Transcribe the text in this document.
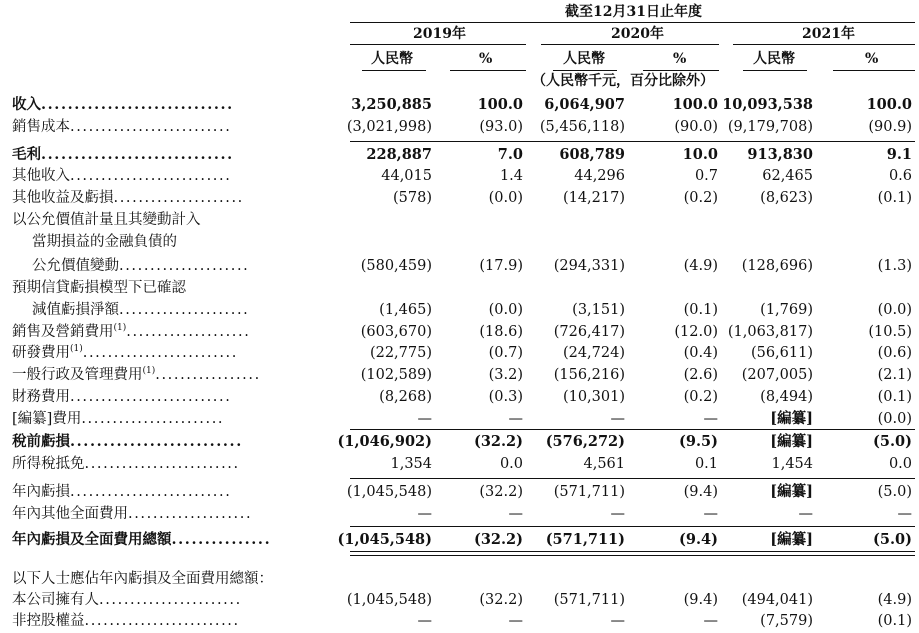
截至12月31日止年度
2019年	2020年	2021年
人民幣	%	人民幣	%	人民幣	%
（人民幣千元，百分比除外）
收入.............................	3,250,885	100.0 6,064,907	100.0 10,093,538	100.0
銷售成本..........................	(3,021,998)	(93.0) (5,456,118)	(90.0) (9,179,708)	(90.9)
毛利.............................	228,887	7.0	608,789	10.0 913,830	9.1
其他收入..........................	44,015	1.4	44,296	0.7	62,465	0.6
其他收益及虧損.....................	(578)	(0.0)	(14,217)	(0.2)	(8,623)	(0.1)
以公允價值計量且其變動計入
當期損益的金融負債的
公允價值變動.....................	(580,459)	(17.9) (294,331)	(4.9) (128,696)	(1.3)
預期信貸虧損模型下已確認
減值虧損淨額.....................	(1,465)	(0.0)	(3,151)	(0.1)	(1,769)	(0.0)
銷售及營銷費用$^{(1)}$....................	(603,670)	(18.6) (726,417)	(12.0) (1,063,817)	(10.5)
研發費用$^{(1)}$.........................	(22,775)	(0.7)	(24,724)	(0.4) (56,611)	(0.6)
一般行政及管理費用$^{(1)}$.................	(102,589)	(3.2) (156,216)	(2.6) (207,005)	(2.1)
財務費用..........................	(8,268)	(0.3)	(10,301)	(0.2)	(8,494)	(0.1)
[編纂]費用.......................	—	—	—	—	[編纂]	(0.0)
稅前虧損..........................	(1,046,902)	(32.2) (576,272)	(9.5)	[編纂]	(5.0)
所得稅抵免.........................	1,354	0.0	4,561	0.1	1,454	0.0
年內虧損..........................	(1,045,548)	(32.2) (571,711)	(9.4)	[編纂]	(5.0)
年內其他全面費用....................	—	—	—	—	—	—
年內虧損及全面費用總額...............	(1,045,548)	(32.2) (571,711)	(9.4)	[編纂]	(5.0)
以下人士應佔年內虧損及全面費用總額：
本公司擁有人.......................	(1,045,548)	(32.2) (571,711)	(9.4) (494,041)	(4.9)
非控股權益.........................	—	—	—	—	(7,579)	(0.1)
